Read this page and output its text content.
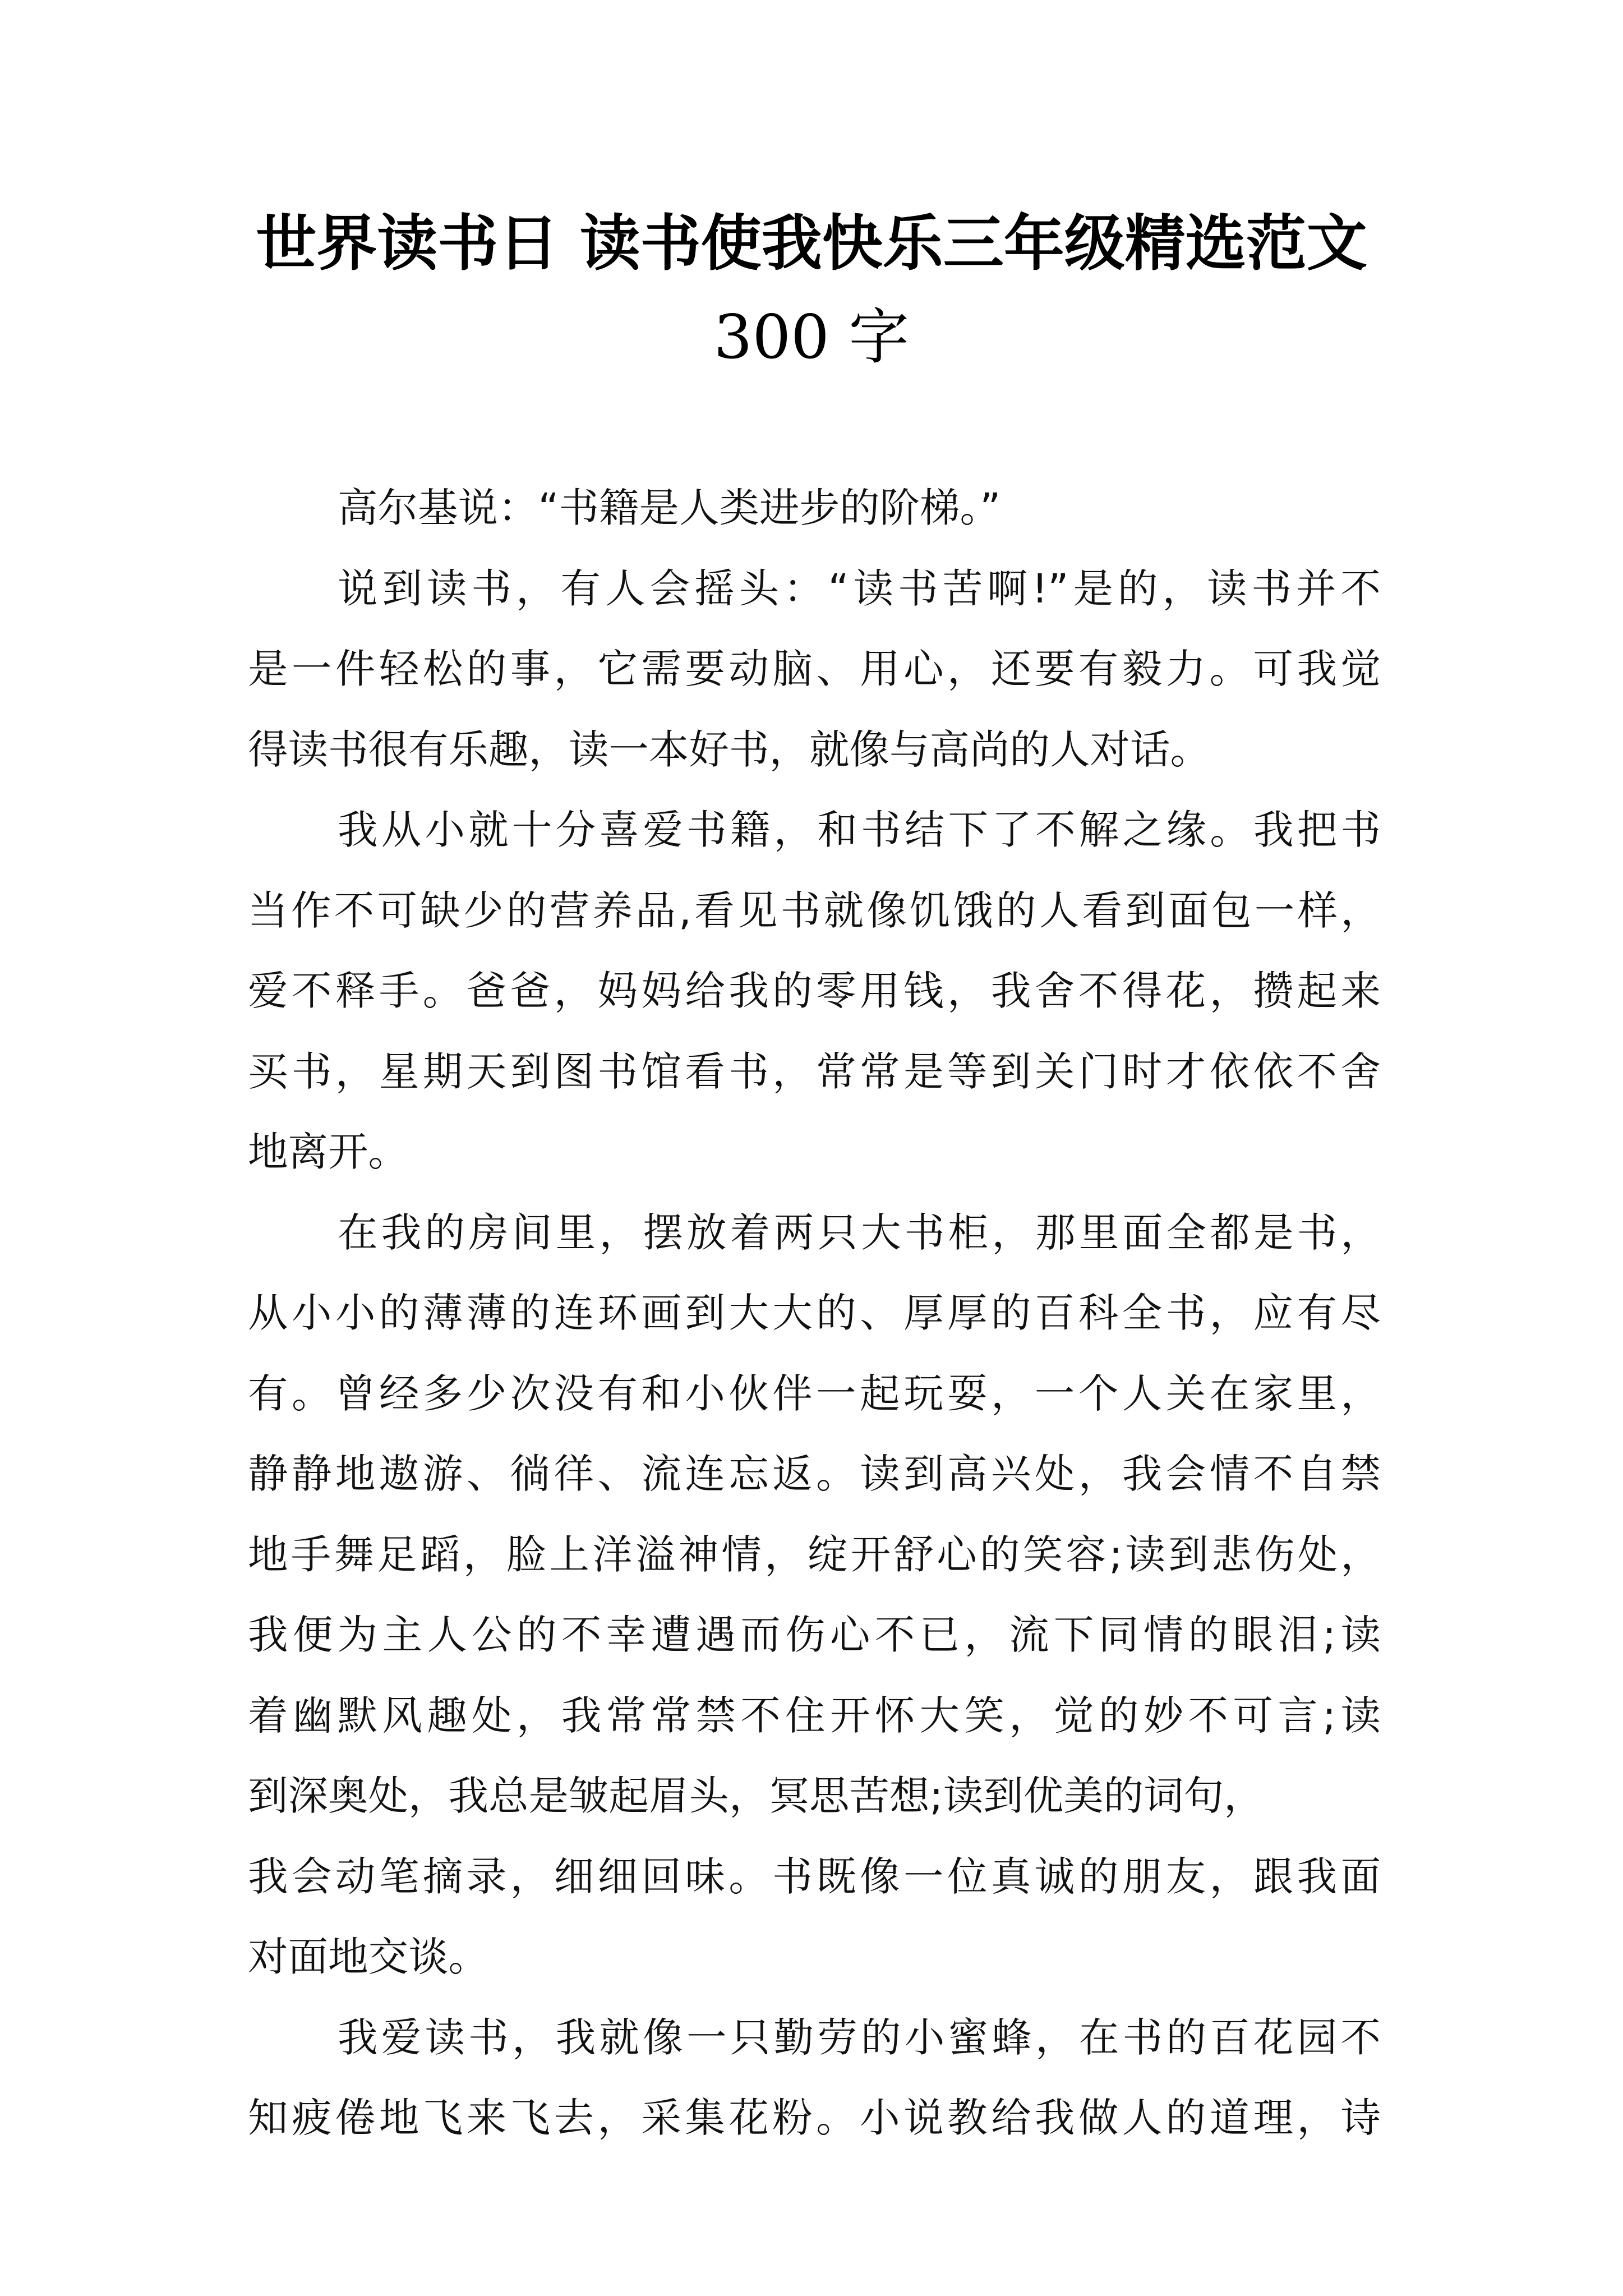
世界读书日 读书使我快乐三年级精选范文
300 字
高尔基说：“书籍是人类进步的阶梯。”
说到读书，有人会摇头：“读书苦啊!”是的，读书并不
是一件轻松的事，它需要动脑、用心，还要有毅力。可我觉
得读书很有乐趣，读一本好书，就像与高尚的人对话。
我从小就十分喜爱书籍，和书结下了不解之缘。我把书
当作不可缺少的营养品,看见书就像饥饿的人看到面包一样，
爱不释手。爸爸，妈妈给我的零用钱，我舍不得花，攒起来
买书，星期天到图书馆看书，常常是等到关门时才依依不舍
地离开。
在我的房间里，摆放着两只大书柜，那里面全都是书，
从小小的薄薄的连环画到大大的、厚厚的百科全书，应有尽
有。曾经多少次没有和小伙伴一起玩耍，一个人关在家里，
静静地遨游、徜徉、流连忘返。读到高兴处，我会情不自禁
地手舞足蹈，脸上洋溢神情，绽开舒心的笑容;读到悲伤处，
我便为主人公的不幸遭遇而伤心不已，流下同情的眼泪;读
着幽默风趣处，我常常禁不住开怀大笑，觉的妙不可言;读
到深奥处，我总是皱起眉头，冥思苦想;读到优美的词句，
我会动笔摘录，细细回味。书既像一位真诚的朋友，跟我面
对面地交谈。
我爱读书，我就像一只勤劳的小蜜蜂，在书的百花园不
知疲倦地飞来飞去，采集花粉。小说教给我做人的道理，诗
